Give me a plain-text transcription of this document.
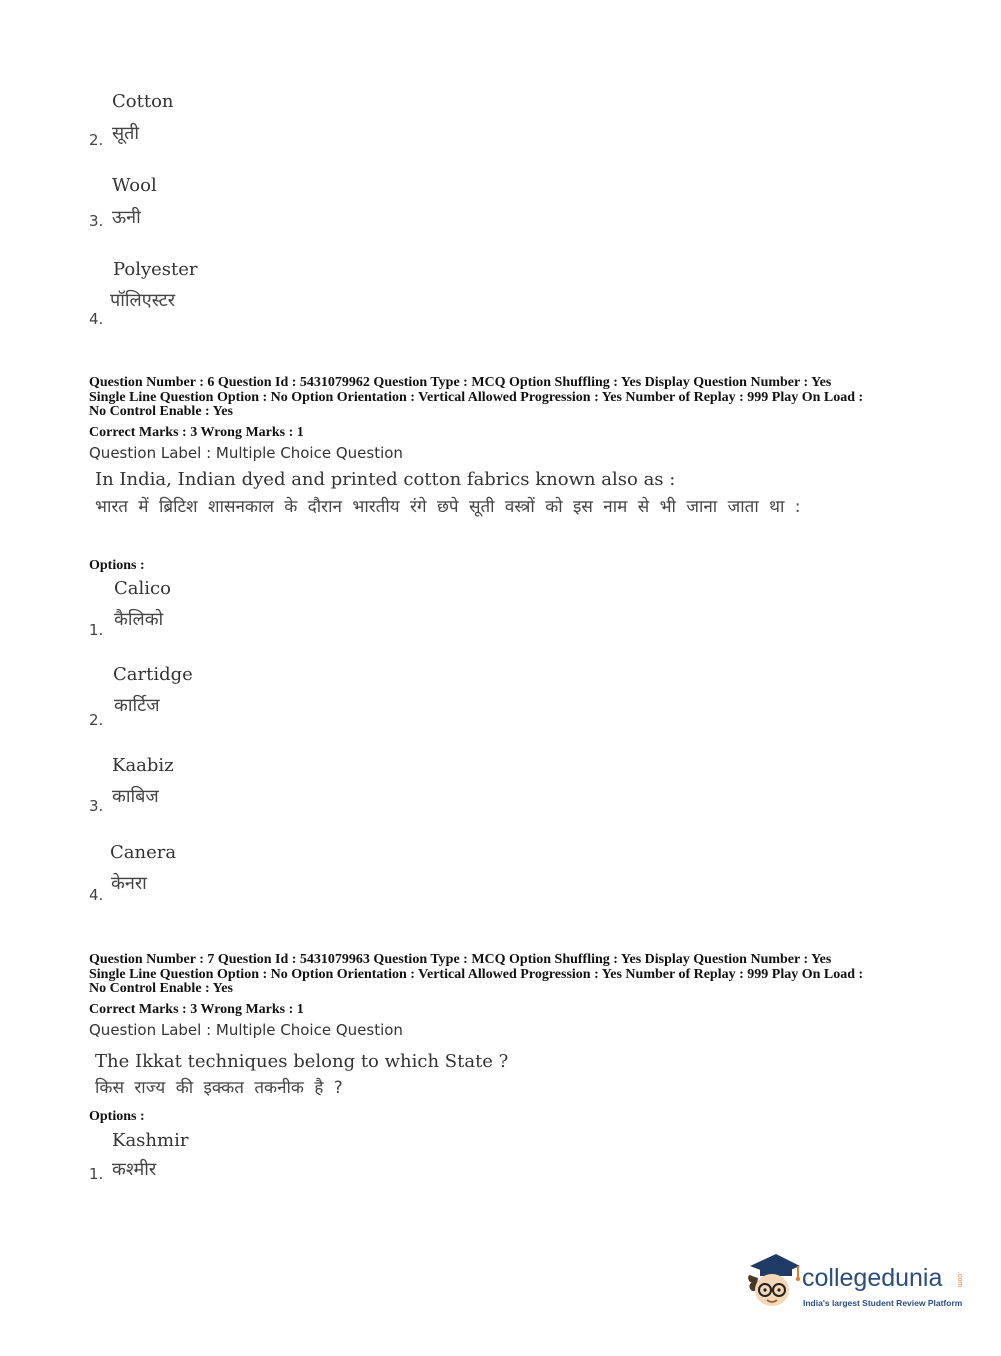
Cotton
सूती
2.
Wool
ऊनी
3.
Polyester
पॉलिएस्टर
4.
Question Number : 6 Question Id : 5431079962 Question Type : MCQ Option Shuffling : Yes Display Question Number : Yes
Single Line Question Option : No Option Orientation : Vertical Allowed Progression : Yes Number of Replay : 999 Play On Load :
No Control Enable : Yes
Correct Marks : 3 Wrong Marks : 1
Question Label : Multiple Choice Question
In India, Indian dyed and printed cotton fabrics known also as :
भारत में ब्रिटिश शासनकाल के दौरान भारतीय रंगे छपे सूती वस्त्रों को इस नाम से भी जाना जाता था :
Options :
Calico
कैलिको
1.
Cartidge
कार्टिज
2.
Kaabiz
काबिज
3.
Canera
केनरा
4.
Question Number : 7 Question Id : 5431079963 Question Type : MCQ Option Shuffling : Yes Display Question Number : Yes
Single Line Question Option : No Option Orientation : Vertical Allowed Progression : Yes Number of Replay : 999 Play On Load :
No Control Enable : Yes
Correct Marks : 3 Wrong Marks : 1
Question Label : Multiple Choice Question
The Ikkat techniques belong to which State ?
किस राज्य की इक्कत तकनीक है ?
Options :
Kashmir
कश्मीर
1.
collegedunia .com
India's largest Student Review Platform
